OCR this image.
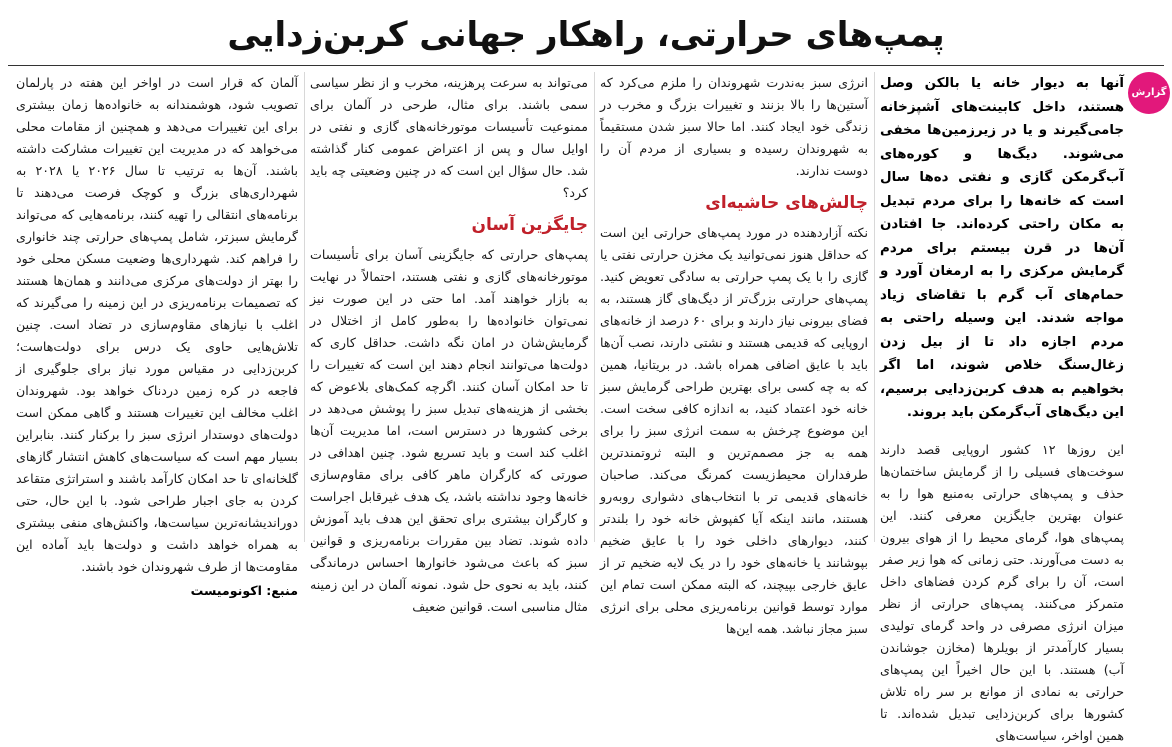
پمپ‌های حرارتی، راهکار جهانی کربن‌زدایی
گزارش

آنها به دیوار خانه یا بالکن وصل هستند، داخل کابینت‌های آشپزخانه جامی‌گیرند و یا در زیرزمین‌ها مخفی می‌شوند. دیگ‌ها و کوره‌های آب‌گرمکن گازی و نفتی ده‌ها سال است که خانه‌ها را برای مردم تبدیل به مکان راحتی کرده‌اند. جا افتادن آن‌ها در قرن بیستم برای مردم گرمایش مرکزی را به ارمغان آورد و حمام‌های آب گرم با تقاضای زیاد مواجه شدند. این وسیله راحتی به مردم اجازه داد تا از بیل زدن زغال‌سنگ خلاص شوند، اما اگر بخواهیم به هدف کربن‌زدایی برسیم، این دیگ‌های آب‌گرمکن باید بروند.

این روزها ۱۲ کشور اروپایی قصد دارند سوخت‌های فسیلی را از گرمایش ساختمان‌ها حذف و پمپ‌های حرارتی به‌منبع هوا را به عنوان بهترین جایگزین معرفی کنند. این پمپ‌های هوا، گرمای محیط را از هوای بیرون به دست می‌آورند. حتی زمانی که هوا زیر صفر است، آن را برای گرم کردن فضاهای داخل متمرکز می‌کنند. پمپ‌های حرارتی از نظر میزان انرژی مصرفی در واحد گرمای تولیدی بسیار کارآمدتر از بویلرها (مخازن جوشاندن آب) هستند. با این حال اخیراً این پمپ‌های حرارتی به نمادی از موانع بر سر راه تلاش کشورها برای کربن‌زدایی تبدیل شده‌اند. تا همین اواخر، سیاست‌های

انرژی سبز به‌ندرت شهروندان را ملزم می‌کرد که آستین‌ها را بالا بزنند و تغییرات بزرگ و مخرب در زندگی خود ایجاد کنند. اما حالا سبز شدن مستقیماً به شهروندان رسیده و بسیاری از مردم آن را دوست ندارند.

چالش‌های حاشیه‌ای

نکته آزاردهنده در مورد پمپ‌های حرارتی این است که حداقل هنوز نمی‌توانید یک مخزن حرارتی نفتی یا گازی را با یک پمپ حرارتی به سادگی تعویض کنید. پمپ‌های حرارتی بزرگ‌تر از دیگ‌های گاز هستند، به فضای بیرونی نیاز دارند و برای ۶۰ درصد از خانه‌های اروپایی که قدیمی هستند و نشتی دارند، نصب آن‌ها باید با عایق اضافی همراه باشد. در بریتانیا، همین که به چه کسی برای بهترین طراحی گرمایش سبز خانه خود اعتماد کنید، به اندازه کافی سخت است. این موضوع چرخش به سمت انرژی سبز را برای همه به جز مصمم‌ترین و البته ثروتمندترین طرفداران محیط‌زیست کمرنگ می‌کند. صاحبان خانه‌های قدیمی تر با انتخاب‌های دشواری روبه‌رو هستند، مانند اینکه آیا کفپوش خانه خود را بلندتر کنند، دیوارهای داخلی خود را با عایق ضخیم بپوشانند یا خانه‌های خود را در یک لایه ضخیم تر از عایق خارجی بپیچند، که البته ممکن است تمام این موارد توسط قوانین برنامه‌ریزی محلی برای انرژی سبز مجاز نباشد. همه این‌ها

می‌تواند به سرعت پرهزینه، مخرب و از نظر سیاسی سمی باشند. برای مثال، طرحی در آلمان برای ممنوعیت تأسیسات موتورخانه‌های گازی و نفتی در اوایل سال و پس از اعتراض عمومی کنار گذاشته شد. حال سؤال این است که در چنین وضعیتی چه باید کرد؟

جایگزین آسان

پمپ‌های حرارتی که جایگزینی آسان برای تأسیسات موتورخانه‌های گازی و نفتی هستند، احتمالاً در نهایت به بازار خواهند آمد. اما حتی در این صورت نیز نمی‌توان خانواده‌ها را به‌طور کامل از اختلال در گرمایش‌شان در امان نگه داشت. حداقل کاری که دولت‌ها می‌توانند انجام دهند این است که تغییرات را تا حد امکان آسان کنند. اگرچه کمک‌های بلاعوض که بخشی از هزینه‌های تبدیل سبز را پوشش می‌دهد در برخی کشورها در دسترس است، اما مدیریت آن‌ها اغلب کند است و باید تسریع شود. چنین اهدافی در صورتی که کارگران ماهر کافی برای مقاوم‌سازی خانه‌ها وجود نداشته باشد، یک هدف غیرقابل اجراست و کارگران بیشتری برای تحقق این هدف باید آموزش داده شوند. تضاد بین مقررات برنامه‌ریزی و قوانین سبز که باعث می‌شود خانوارها احساس درماندگی کنند، باید به نحوی حل شود. نمونه آلمان در این زمینه مثال مناسبی است. قوانین ضعیف

آلمان که قرار است در اواخر این هفته در پارلمان تصویب شود، هوشمندانه به خانواده‌ها زمان بیشتری برای این تغییرات می‌دهد و همچنین از مقامات محلی می‌خواهد که در مدیریت این تغییرات مشارکت داشته باشند. آن‌ها به ترتیب تا سال ۲۰۲۶ یا ۲۰۲۸ به شهرداری‌های بزرگ و کوچک فرصت می‌دهند تا برنامه‌های انتقالی را تهیه کنند، برنامه‌هایی که می‌تواند گرمایش سبزتر، شامل پمپ‌های حرارتی چند خانواری را فراهم کند. شهرداری‌ها وضعیت مسکن محلی خود را بهتر از دولت‌های مرکزی می‌دانند و همان‌ها هستند که تصمیمات برنامه‌ریزی در این زمینه را می‌گیرند که اغلب با نیازهای مقاوم‌سازی در تضاد است. چنین تلاش‌هایی حاوی یک درس برای دولت‌هاست؛ کربن‌زدایی در مقیاس مورد نیاز برای جلوگیری از فاجعه در کره زمین دردناک خواهد بود. شهروندان اغلب مخالف این تغییرات هستند و گاهی ممکن است دولت‌های دوستدار انرژی سبز را برکنار کنند. بنابراین بسیار مهم است که سیاست‌های کاهش انتشار گازهای گلخانه‌ای تا حد امکان کارآمد باشند و استراتژی متقاعد کردن به جای اجبار طراحی شود. با این حال، حتی دوراندیشانه‌ترین سیاست‌ها، واکنش‌های منفی بیشتری به همراه خواهد داشت و دولت‌ها باید آماده این مقاومت‌ها از طرف شهروندان خود باشند.

منبع: اکونومیست
